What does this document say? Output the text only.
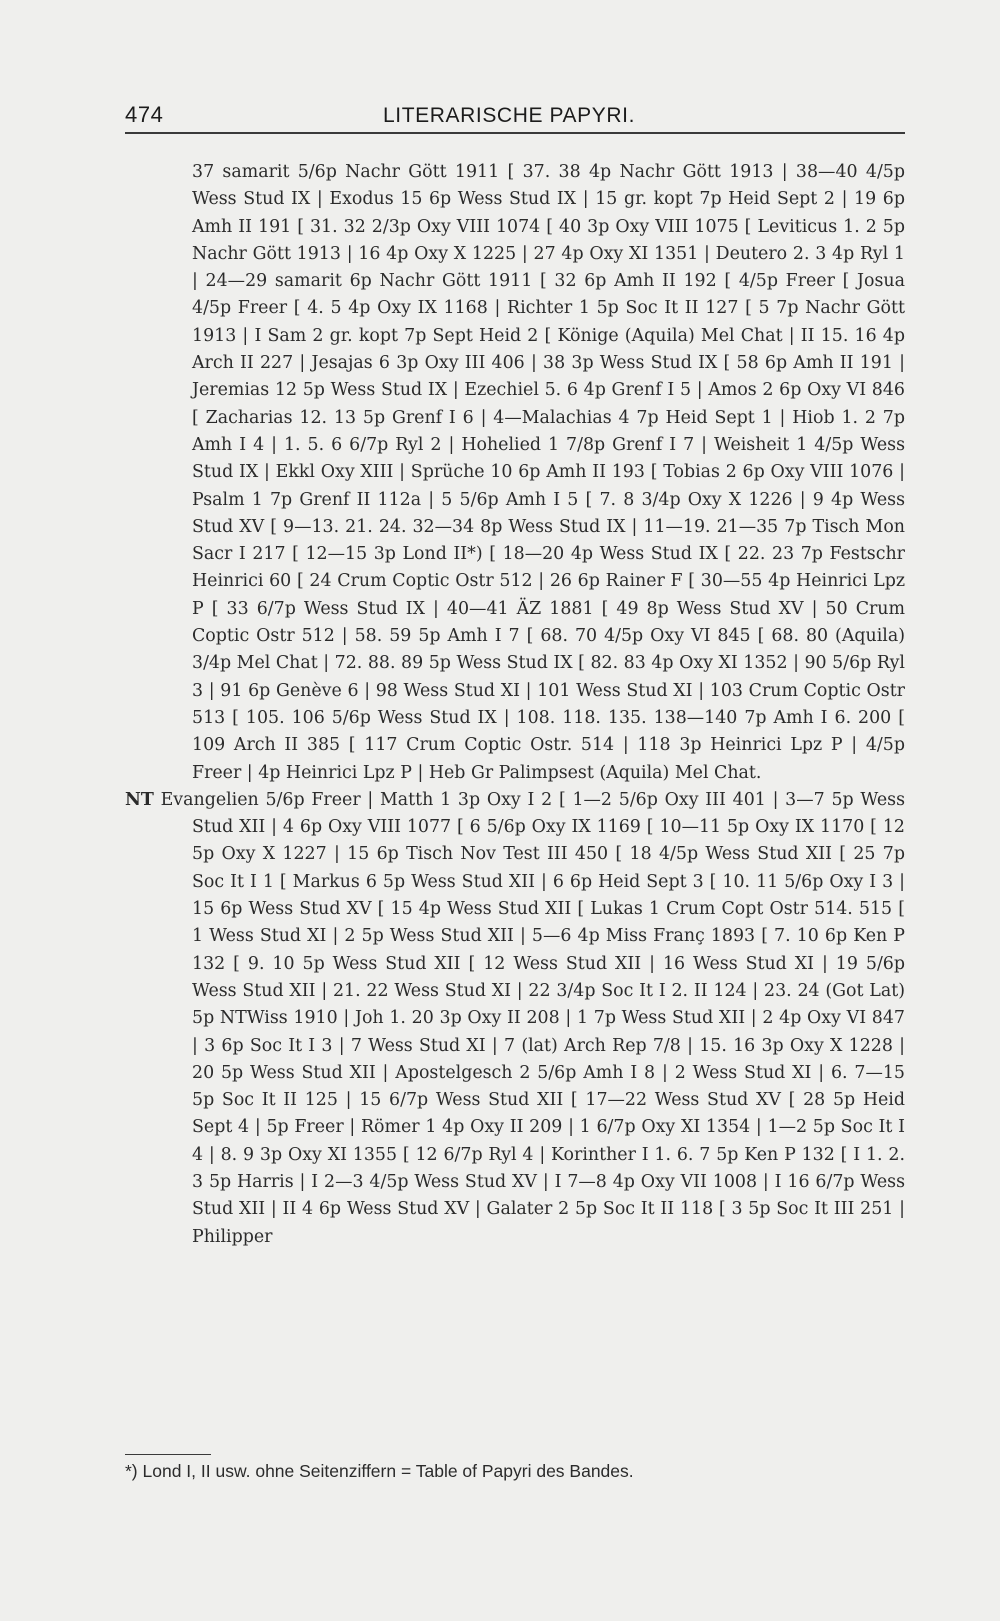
474	LITERARISCHE PAPYRI.

37 samarit 5/6p Nachr Gött 1911 [ 37. 38 4p Nachr Gött 1913 | 38—40 4/5p Wess Stud IX | Exodus 15 6p Wess Stud IX | 15 gr. kopt 7p Heid Sept 2 | 19 6p Amh II 191 [ 31. 32 2/3p Oxy VIII 1074 [ 40 3p Oxy VIII 1075 [ Leviticus 1. 2 5p Nachr Gött 1913 | 16 4p Oxy X 1225 | 27 4p Oxy XI 1351 | Deutero 2. 3 4p Ryl 1 | 24—29 samarit 6p Nachr Gött 1911 [ 32 6p Amh II 192 [ 4/5p Freer [ Josua 4/5p Freer [ 4. 5 4p Oxy IX 1168 | Richter 1 5p Soc It II 127 [ 5 7p Nachr Gött 1913 | I Sam 2 gr. kopt 7p Sept Heid 2 [ Könige (Aquila) Mel Chat | II 15. 16 4p Arch II 227 | Jesajas 6 3p Oxy III 406 | 38 3p Wess Stud IX [ 58 6p Amh II 191 | Jeremias 12 5p Wess Stud IX | Ezechiel 5. 6 4p Grenf I 5 | Amos 2 6p Oxy VI 846 [ Zacharias 12. 13 5p Grenf I 6 | 4—Malachias 4 7p Heid Sept 1 | Hiob 1. 2 7p Amh I 4 | 1. 5. 6 6/7p Ryl 2 | Hohelied 1 7/8p Grenf I 7 | Weisheit 1 4/5p Wess Stud IX | Ekkl Oxy XIII | Sprüche 10 6p Amh II 193 [ Tobias 2 6p Oxy VIII 1076 | Psalm 1 7p Grenf II 112a | 5 5/6p Amh I 5 [ 7. 8 3/4p Oxy X 1226 | 9 4p Wess Stud XV [ 9—13. 21. 24. 32—34 8p Wess Stud IX | 11—19. 21—35 7p Tisch Mon Sacr I 217 [ 12—15 3p Lond II*) [ 18—20 4p Wess Stud IX [ 22. 23 7p Festschr Heinrici 60 [ 24 Crum Coptic Ostr 512 | 26 6p Rainer F [ 30—55 4p Heinrici Lpz P [ 33 6/7p Wess Stud IX | 40—41 ÄZ 1881 [ 49 8p Wess Stud XV | 50 Crum Coptic Ostr 512 | 58. 59 5p Amh I 7 [ 68. 70 4/5p Oxy VI 845 [ 68. 80 (Aquila) 3/4p Mel Chat | 72. 88. 89 5p Wess Stud IX [ 82. 83 4p Oxy XI 1352 | 90 5/6p Ryl 3 | 91 6p Genève 6 | 98 Wess Stud XI | 101 Wess Stud XI | 103 Crum Coptic Ostr 513 [ 105. 106 5/6p Wess Stud IX | 108. 118. 135. 138—140 7p Amh I 6. 200 [ 109 Arch II 385 [ 117 Crum Coptic Ostr. 514 | 118 3p Heinrici Lpz P | 4/5p Freer | 4p Heinrici Lpz P | Heb Gr Palimpsest (Aquila) Mel Chat.

NT Evangelien 5/6p Freer | Matth 1 3p Oxy I 2 [ 1—2 5/6p Oxy III 401 | 3—7 5p Wess Stud XII | 4 6p Oxy VIII 1077 [ 6 5/6p Oxy IX 1169 [ 10—11 5p Oxy IX 1170 [ 12 5p Oxy X 1227 | 15 6p Tisch Nov Test III 450 [ 18 4/5p Wess Stud XII [ 25 7p Soc It I 1 [ Markus 6 5p Wess Stud XII | 6 6p Heid Sept 3 [ 10. 11 5/6p Oxy I 3 | 15 6p Wess Stud XV [ 15 4p Wess Stud XII [ Lukas 1 Crum Copt Ostr 514. 515 [ 1 Wess Stud XI | 2 5p Wess Stud XII | 5—6 4p Miss Franç 1893 [ 7. 10 6p Ken P 132 [ 9. 10 5p Wess Stud XII [ 12 Wess Stud XII | 16 Wess Stud XI | 19 5/6p Wess Stud XII | 21. 22 Wess Stud XI | 22 3/4p Soc It I 2. II 124 | 23. 24 (Got Lat) 5p NTWiss 1910 | Joh 1. 20 3p Oxy II 208 | 1 7p Wess Stud XII | 2 4p Oxy VI 847 | 3 6p Soc It I 3 | 7 Wess Stud XI | 7 (lat) Arch Rep 7/8 | 15. 16 3p Oxy X 1228 | 20 5p Wess Stud XII | Apostelgesch 2 5/6p Amh I 8 | 2 Wess Stud XI | 6. 7—15 5p Soc It II 125 | 15 6/7p Wess Stud XII [ 17—22 Wess Stud XV [ 28 5p Heid Sept 4 | 5p Freer | Römer 1 4p Oxy II 209 | 1 6/7p Oxy XI 1354 | 1—2 5p Soc It I 4 | 8. 9 3p Oxy XI 1355 [ 12 6/7p Ryl 4 | Korinther I 1. 6. 7 5p Ken P 132 [ I 1. 2. 3 5p Harris | I 2—3 4/5p Wess Stud XV | I 7—8 4p Oxy VII 1008 | I 16 6/7p Wess Stud XII | II 4 6p Wess Stud XV | Galater 2 5p Soc It II 118 [ 3 5p Soc It III 251 | Philipper

*) Lond I, II usw. ohne Seitenziffern = Table of Papyri des Bandes.
